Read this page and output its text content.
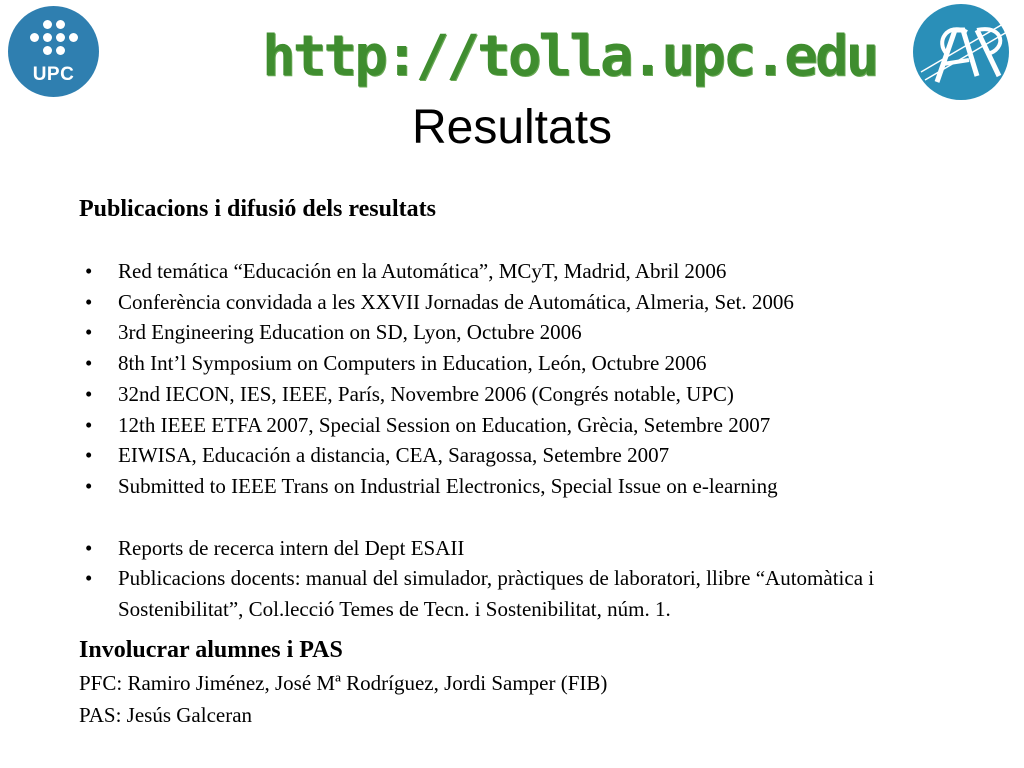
UPC	http://tolla.upc.edu
Resultats
Publicacions i difusió dels resultats
• Red temática “Educación en la Automática”, MCyT, Madrid, Abril 2006
• Conferència convidada a les XXVII Jornadas de Automática, Almeria, Set. 2006
• 3rd Engineering Education on SD, Lyon, Octubre 2006
• 8th Int’l Symposium on Computers in Education, León, Octubre 2006
• 32nd IECON, IES, IEEE, París, Novembre 2006 (Congrés notable, UPC)
• 12th IEEE ETFA 2007, Special Session on Education, Grècia, Setembre 2007
• EIWISA, Educación a distancia, CEA, Saragossa, Setembre 2007
• Submitted to IEEE Trans on Industrial Electronics, Special Issue on e-learning
• Reports de recerca intern del Dept ESAII
• Publicacions docents: manual del simulador, pràctiques de laboratori, llibre “Automàtica i Sostenibilitat”, Col.lecció Temes de Tecn. i Sostenibilitat, núm. 1.
Involucrar alumnes i PAS

PFC: Ramiro Jiménez, José Mª Rodríguez, Jordi Samper (FIB)

PAS: Jesús Galceran
